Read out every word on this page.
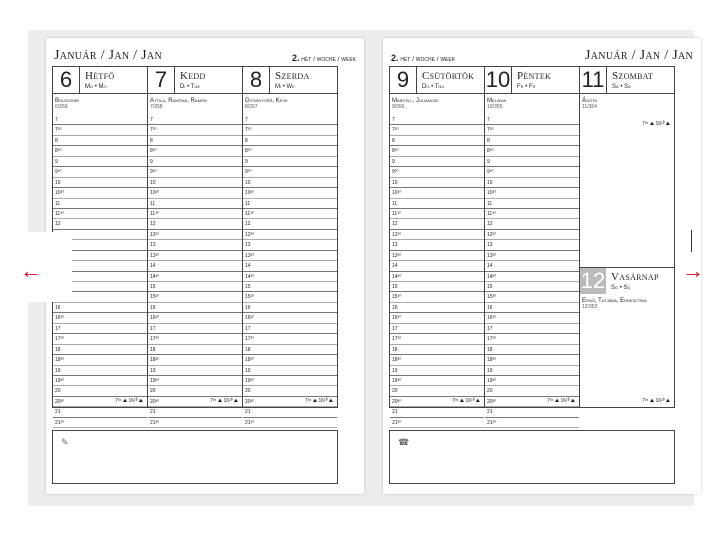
Január / Jan / Jan	2. hét / woche / week
6	Hétfő
Mo • Mo
Boldizsár
6/359
7
7³⁰
8
8³⁰
9
9³⁰
10
10³⁰
11
11³⁰
12
16
16³⁰
17
17³⁰
18
18³⁰
19
19³⁰
20
20³⁰
21
21³⁰
7³⁵ ⛰ 16¹⁰ ⛰
7	Kedd
Di • Tue
Attila, Ramóna, Ramón
7/358
7
7³⁰
8
8³⁰
9
9³⁰
10
10³⁰
11
11³⁰
12
12³⁰
13
13³⁰
14
14³⁰
15
15³⁰
16
16³⁰
17
17³⁰
18
18³⁰
19
19³⁰
20
20³⁰
21
21³⁰
7³⁵ ⛰ 16¹⁰ ⛰
8	Szerda
Mi • We
Gyöngyvér, Keve
8/357
7
7³⁰
8
8³⁰
9
9³⁰
10
10³⁰
11
11³⁰
12
12³⁰
13
13³⁰
14
14³⁰
15
15³⁰
16
16³⁰
17
17³⁰
18
18³⁰
19
19³⁰
20
20³⁰
21
21³⁰
7³⁵ ⛰ 16¹⁰ ⛰
✎
2. hét / woche / week	Január / Jan / Jan
9	Csütörtök
Do • Thu
Marcell, Juliánusz
9/356
7
7³⁰
8
8³⁰
9
9³⁰
10
10³⁰
11
11³⁰
12
12³⁰
13
13³⁰
14
14³⁰
15
15³⁰
16
16³⁰
17
17³⁰
18
18³⁰
19
19³⁰
20
20³⁰
21
21³⁰
7³⁵ ⛰ 16¹⁰ ⛰
10 Péntek
Fr • Fr
Melánia
10/355
7
7³⁰
8
8³⁰
9
9³⁰
10
10³⁰
11
11³⁰
12
12³⁰
13
13³⁰
14
14³⁰
15
15³⁰
16
16³⁰
17
17³⁰
18
18³⁰
19
19³⁰
20
20³⁰
21
21³⁰
7³⁵ ⛰ 16¹⁰ ⛰
11 Szombat
Sa • Sa
Ágota
11/354
7³⁵ ⛰ 16¹⁰ ⛰
12 Vasárnap
So • Su
Ernő, Tatjána, Ernesztina
12/353
7³⁵ ⛰ 16¹⁰ ⛰
☎
←	→
